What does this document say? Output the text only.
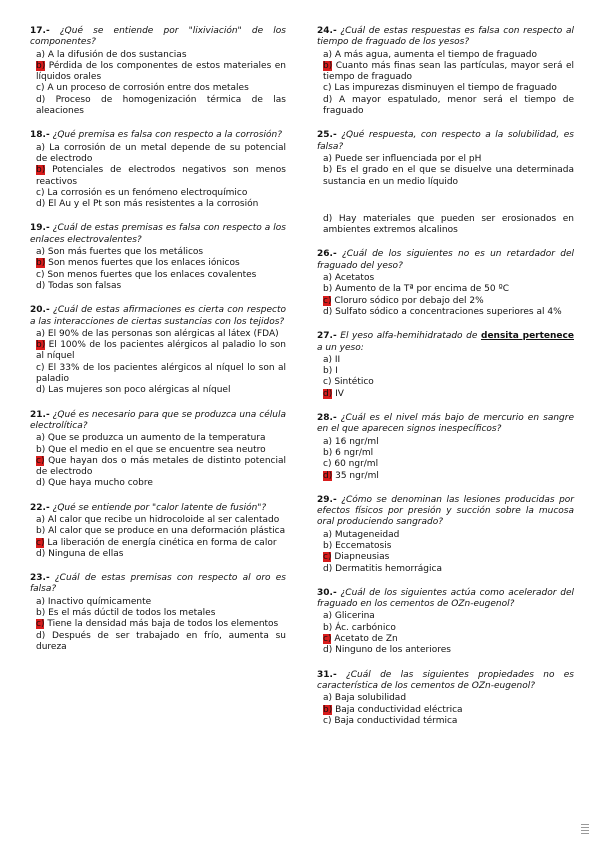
17.- ¿Qué se entiende por "lixiviación" de los componentes?
a) A la difusión de dos sustancias
b) Pérdida de los componentes de estos materiales en líquidos orales
c) A un proceso de corrosión entre dos metales
d) Proceso de homogenización térmica de las aleaciones
18.- ¿Qué premisa es falsa con respecto a la corrosión?
a) La corrosión de un metal depende de su potencial de electrodo
b) Potenciales de electrodos negativos son menos reactivos
c) La corrosión es un fenómeno electroquímico
d) El Au y el Pt son más resistentes a la corrosión
19.- ¿Cuál de estas premisas es falsa con respecto a los enlaces electrovalentes?
a) Son más fuertes que los metálicos
b) Son menos fuertes que los enlaces iónicos
c) Son menos fuertes que los enlaces covalentes
d) Todas son falsas
20.- ¿Cuál de estas afirmaciones es cierta con respecto a las interacciones de ciertas sustancias con los tejidos?
a) El 90% de las personas son alérgicas al látex (FDA)
b) El 100% de los pacientes alérgicos al paladio lo son al níquel
c) El 33% de los pacientes alérgicos al níquel lo son al paladio
d) Las mujeres son poco alérgicas al níquel
21.- ¿Qué es necesario para que se produzca una célula electrolítica?
a) Que se produzca un aumento de la temperatura
b) Que el medio en el que se encuentre sea neutro
c) Que hayan dos o más metales de distinto potencial de electrodo
d) Que haya mucho cobre
22.- ¿Qué se entiende por "calor latente de fusión"?
a) Al calor que recibe un hidrocoloide al ser calentado
b) Al calor que se produce en una deformación plástica
c) La liberación de energía cinética en forma de calor
d) Ninguna de ellas
23.- ¿Cuál de estas premisas con respecto al oro es falsa?
a) Inactivo químicamente
b) Es el más dúctil de todos los metales
c) Tiene la densidad más baja de todos los elementos
d) Después de ser trabajado en frío, aumenta su dureza
24.- ¿Cuál de estas respuestas es falsa con respecto al tiempo de fraguado de los yesos?
a) A más agua, aumenta el tiempo de fraguado
b) Cuanto más finas sean las partículas, mayor será el tiempo de fraguado
c) Las impurezas disminuyen el tiempo de fraguado
d) A mayor espatulado, menor será el tiempo de fraguado
25.- ¿Qué respuesta, con respecto a la solubilidad, es falsa?
a) Puede ser influenciada por el pH
b) Es el grado en el que se disuelve una determinada sustancia en un medio líquido
d) Hay materiales que pueden ser erosionados en ambientes extremos alcalinos
26.- ¿Cuál de los siguientes no es un retardador del fraguado del yeso?
a) Acetatos
b) Aumento de la Tª por encima de 50 ºC
c) Cloruro sódico por debajo del 2%
d) Sulfato sódico a concentraciones superiores al 4%
27.- El yeso alfa-hemihidratado de densita pertenece a un yeso:
a) II
b) I
c) Sintético
d) IV
28.- ¿Cuál es el nivel más bajo de mercurio en sangre en el que aparecen signos inespecíficos?
a) 16 ngr/ml
b) 6 ngr/ml
c) 60 ngr/ml
d) 35 ngr/ml
29.- ¿Cómo se denominan las lesiones producidas por efectos físicos por presión y succión sobre la mucosa oral produciendo sangrado?
a) Mutageneidad
b) Eccematosis
c) Diapneusias
d) Dermatitis hemorrágica
30.- ¿Cuál de los siguientes actúa como acelerador del fraguado en los cementos de OZn-eugenol?
a) Glicerina
b) Ác. carbónico
c) Acetato de Zn
d) Ninguno de los anteriores
31.- ¿Cuál de las siguientes propiedades no es característica de los cementos de OZn-eugenol?
a) Baja solubilidad
b) Baja conductividad eléctrica
c) Baja conductividad térmica
